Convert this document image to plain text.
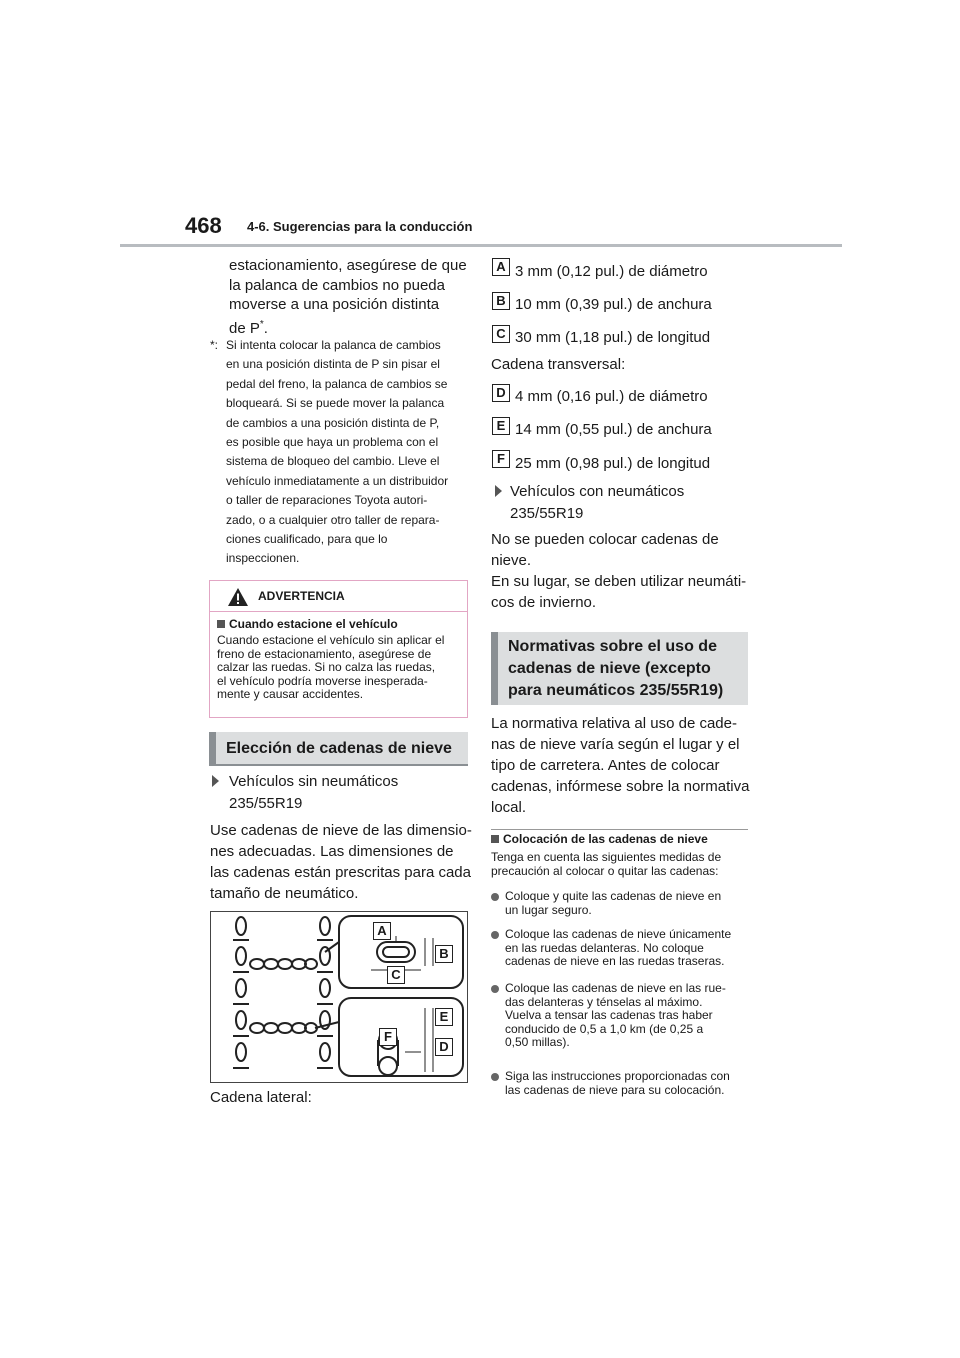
468 4-6. Sugerencias para la conducción
estacionamiento, asegúrese de que
la palanca de cambios no pueda
moverse a una posición distinta
de P*.
*: Si intenta colocar la palanca de cambios
en una posición distinta de P sin pisar el
pedal del freno, la palanca de cambios se
bloqueará. Si se puede mover la palanca
de cambios a una posición distinta de P,
es posible que haya un problema con el
sistema de bloqueo del cambio. Lleve el
vehículo inmediatamente a un distribuidor
o taller de reparaciones Toyota autori-
zado, o a cualquier otro taller de repara-
ciones cualificado, para que lo
inspeccionen.
ADVERTENCIA
Cuando estacione el vehículo
Cuando estacione el vehículo sin aplicar el
freno de estacionamiento, asegúrese de
calzar las ruedas. Si no calza las ruedas,
el vehículo podría moverse inesperada-
mente y causar accidentes.
Elección de cadenas de nieve
Vehículos sin neumáticos
235/55R19
Use cadenas de nieve de las dimensio-
nes adecuadas. Las dimensiones de
las cadenas están prescritas para cada
tamaño de neumático.
A
B
C
E
F
D
Cadena lateral:
A 3 mm (0,12 pul.) de diámetro
B 10 mm (0,39 pul.) de anchura
C 30 mm (1,18 pul.) de longitud
Cadena transversal:
D 4 mm (0,16 pul.) de diámetro
E 14 mm (0,55 pul.) de anchura
F 25 mm (0,98 pul.) de longitud
Vehículos con neumáticos
235/55R19
No se pueden colocar cadenas de
nieve.
En su lugar, se deben utilizar neumáti-
cos de invierno.
Normativas sobre el uso de
cadenas de nieve (excepto
para neumáticos 235/55R19)
La normativa relativa al uso de cade-
nas de nieve varía según el lugar y el
tipo de carretera. Antes de colocar
cadenas, infórmese sobre la normativa
local.
Colocación de las cadenas de nieve
Tenga en cuenta las siguientes medidas de
precaución al colocar o quitar las cadenas:
Coloque y quite las cadenas de nieve en
un lugar seguro.
Coloque las cadenas de nieve únicamente
en las ruedas delanteras. No coloque
cadenas de nieve en las ruedas traseras.
Coloque las cadenas de nieve en las rue-
das delanteras y ténselas al máximo.
Vuelva a tensar las cadenas tras haber
conducido de 0,5 a 1,0 km (de 0,25 a
0,50 millas).
Siga las instrucciones proporcionadas con
las cadenas de nieve para su colocación.
